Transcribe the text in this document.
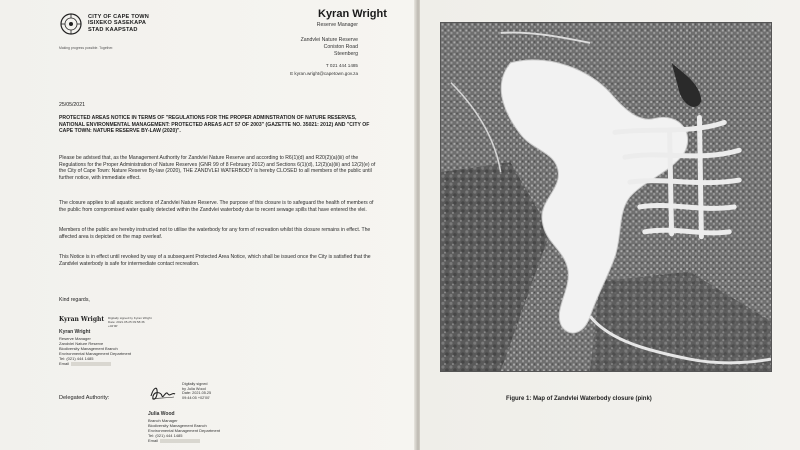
CITY OF CAPE TOWN
ISIXEKO SASEKAPA
STAD KAAPSTAD
Making progress possible. Together.
Kyran Wright
Reserve Manager
Zandvlei Nature Reserve
Coniston Road
Steenberg
T 021 444 1485
E kyran.wright@capetown.gov.za
25/05/2021
PROTECTED AREAS NOTICE IN TERMS OF "REGULATIONS FOR THE PROPER ADMINSTRATION OF NATURE RESERVES, NATIONAL ENVIRONMENTAL MANAGEMENT: PROTECTED AREAS ACT 57 OF 2003" (GAZETTE NO. 35021: 2012) AND "CITY OF CAPE TOWN: NATURE RESERVE BY-LAW (2020)".
Please be advised that, as the Management Authority for Zandvlei Nature Reserve and according to R6(1)(d) and R20(2)(a)(iii) of the Regulations for the Proper Administration of Nature Reserves (GNR 99 of 8 February 2012) and Sections 6(1)(d), 12(2)(a)(iii) and 12(2)(e) of the City of Cape Town: Nature Reserve By-law (2020), THE ZANDVLEI WATERBODY is hereby CLOSED to all members of the public until further notice, with immediate effect.
The closure applies to all aquatic sections of Zandvlei Nature Reserve. The purpose of this closure is to safeguard the health of members of the public from compromised water quality detected within the Zandvlei waterbody due to recent sewage spills that have entered the vlei.
Members of the public are hereby instructed not to utilise the waterbody for any form of recreation whilst this closure remains in effect. The affected area is depicted on the map overleaf.
This Notice is in effect until revoked by way of a subsequent Protected Area Notice, which shall be issued once the City is satisfied that the Zandvlei waterbody is safe for intermediate contact recreation.
Kind regards,
Kyran Wright Digitally signed by Kyran Wright Date: 2021.05.25 09:58:36 +02'00'
Kyran Wright
Reserve Manager
Zandvlei Nature Reserve
Biodiversity Management Branch
Environmental Management Department
Tel: (021) 444 1485
Email
Delegated Authority:
Digitally signed
by Julia Wood
Date: 2021.05.25
09:44:05 +02'00'
Julia Wood
Branch Manager
Biodiversity Management Branch
Environmental Management Department
Tel: (021) 444 1485
Email
Figure 1: Map of Zandvlei Waterbody closure (pink)
